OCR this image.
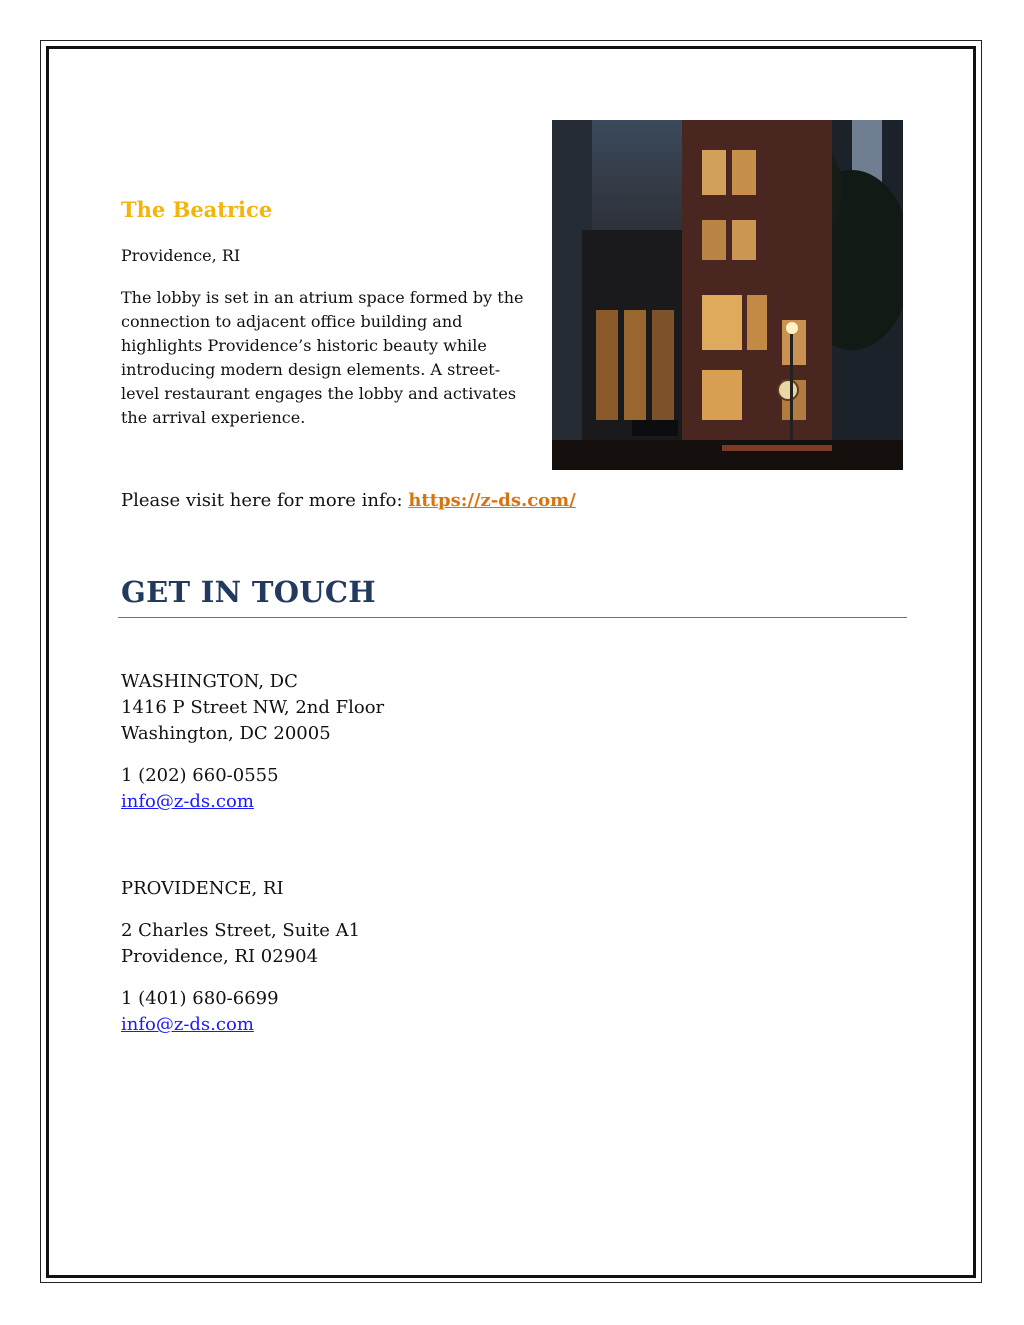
The Beatrice

Providence, RI

The lobby is set in an atrium space formed by the connection to adjacent office building and highlights Providence’s historic beauty while introducing modern design elements. A street-level restaurant engages the lobby and activates the arrival experience.

Please visit here for more info: https://z-ds.com/

GET IN TOUCH

WASHINGTON, DC

1416 P Street NW, 2nd Floor

Washington, DC 20005

1 (202) 660-0555

info@z-ds.com

PROVIDENCE, RI

2 Charles Street, Suite A1

Providence, RI 02904

1 (401) 680-6699

info@z-ds.com
